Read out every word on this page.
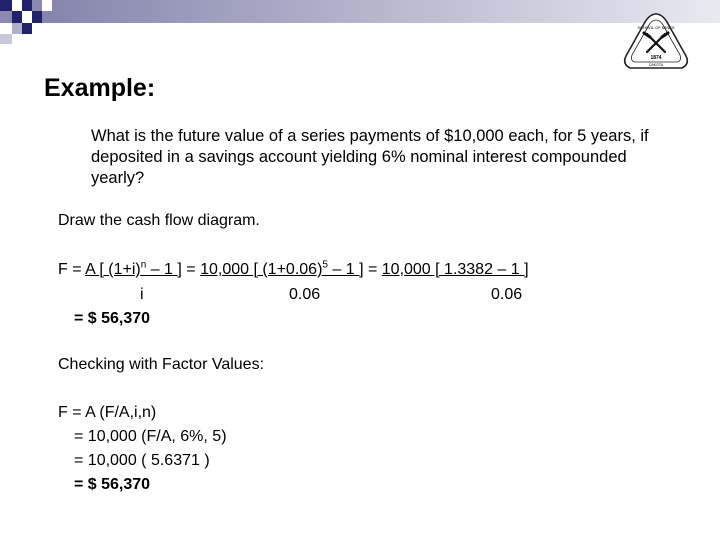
SCHOOL OF MINES
1874
DAKOTA
Example:
What is the future value of a series payments of $10,000 each, for 5 years, if deposited in a savings account yielding 6% nominal interest compounded yearly?
Draw the cash flow diagram.
F = A [ $(1+i)^n - 1$ ] = 10,000 [ $(1+0.06)^5 - 1$ ] = 10,000 [ 1.3382 – 1 ]
i	0.06	0.06
= $ 56,370
Checking with Factor Values:
F = A (F/A,i,n)
= 10,000 (F/A, 6%, 5)
= 10,000 ( 5.6371 )
= $ 56,370
